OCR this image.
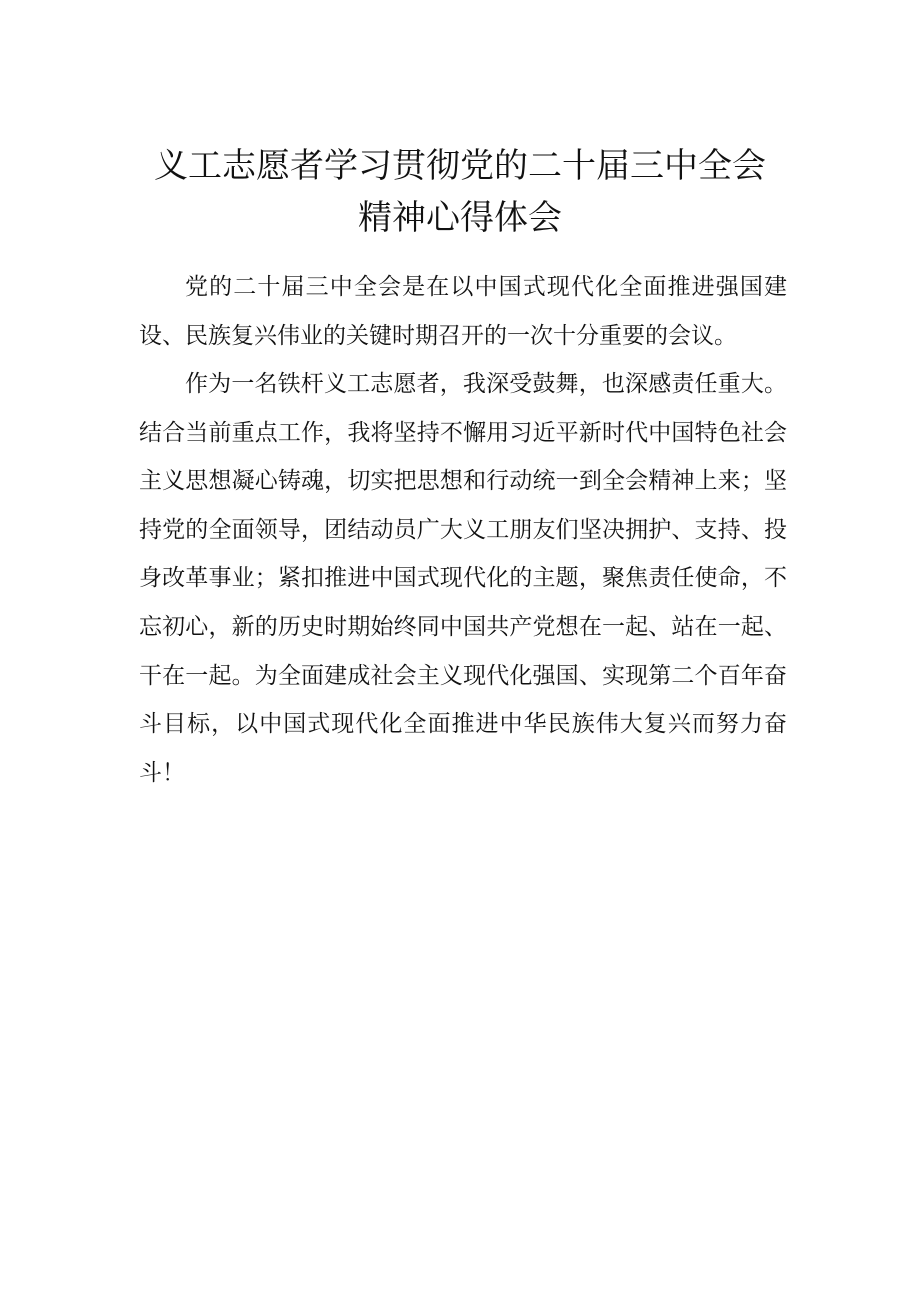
义工志愿者学习贯彻党的二十届三中全会
精神心得体会

党的二十届三中全会是在以中国式现代化全面推进强国建设、民族复兴伟业的关键时期召开的一次十分重要的会议。

作为一名铁杆义工志愿者，我深受鼓舞，也深感责任重大。结合当前重点工作，我将坚持不懈用习近平新时代中国特色社会主义思想凝心铸魂，切实把思想和行动统一到全会精神上来；坚持党的全面领导，团结动员广大义工朋友们坚决拥护、支持、投身改革事业；紧扣推进中国式现代化的主题，聚焦责任使命，不忘初心，新的历史时期始终同中国共产党想在一起、站在一起、干在一起。为全面建成社会主义现代化强国、实现第二个百年奋斗目标，以中国式现代化全面推进中华民族伟大复兴而努力奋斗！
